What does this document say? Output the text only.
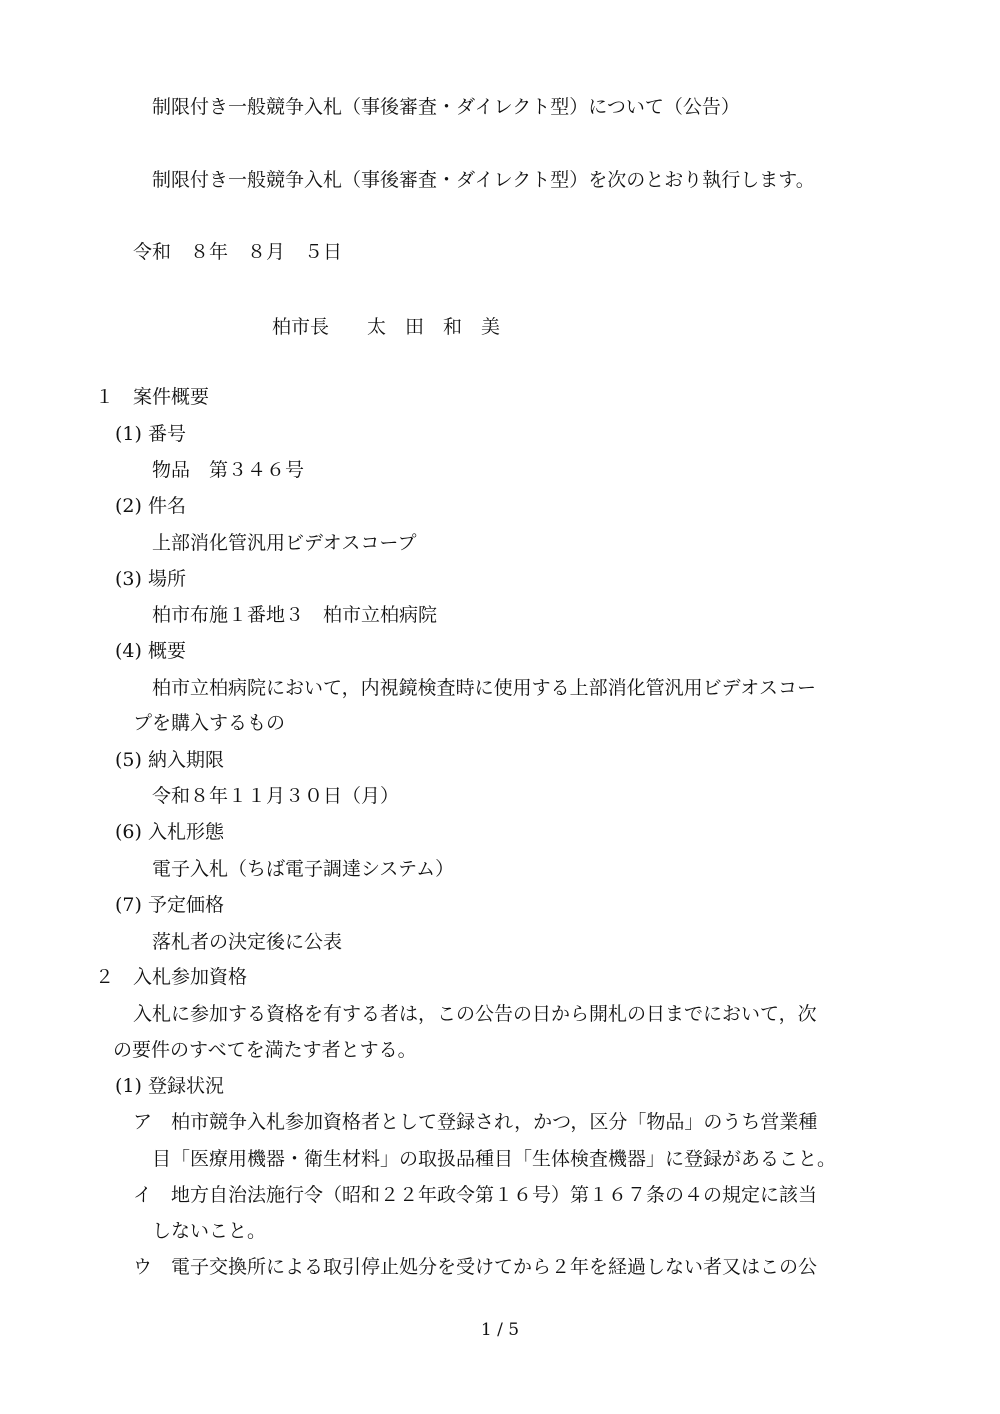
制限付き一般競争入札（事後審査・ダイレクト型）について（公告）
制限付き一般競争入札（事後審査・ダイレクト型）を次のとおり執行します。
令和　８年　８月　５日
柏市長　　太　田　和　美
１　案件概要
(1) 番号
物品　第３４６号
(2) 件名
上部消化管汎用ビデオスコープ
(3) 場所
柏市布施１番地３　柏市立柏病院
(4) 概要
柏市立柏病院において，内視鏡検査時に使用する上部消化管汎用ビデオスコー
プを購入するもの
(5) 納入期限
令和８年１１月３０日（月）
(6) 入札形態
電子入札（ちば電子調達システム）
(7) 予定価格
落札者の決定後に公表
２　入札参加資格
入札に参加する資格を有する者は，この公告の日から開札の日までにおいて，次
の要件のすべてを満たす者とする。
(1) 登録状況
ア　柏市競争入札参加資格者として登録され，かつ，区分「物品」のうち営業種
目「医療用機器・衛生材料」の取扱品種目「生体検査機器」に登録があること。
イ　地方自治法施行令（昭和２２年政令第１６号）第１６７条の４の規定に該当
しないこと。
ウ　電子交換所による取引停止処分を受けてから２年を経過しない者又はこの公
1 / 5
